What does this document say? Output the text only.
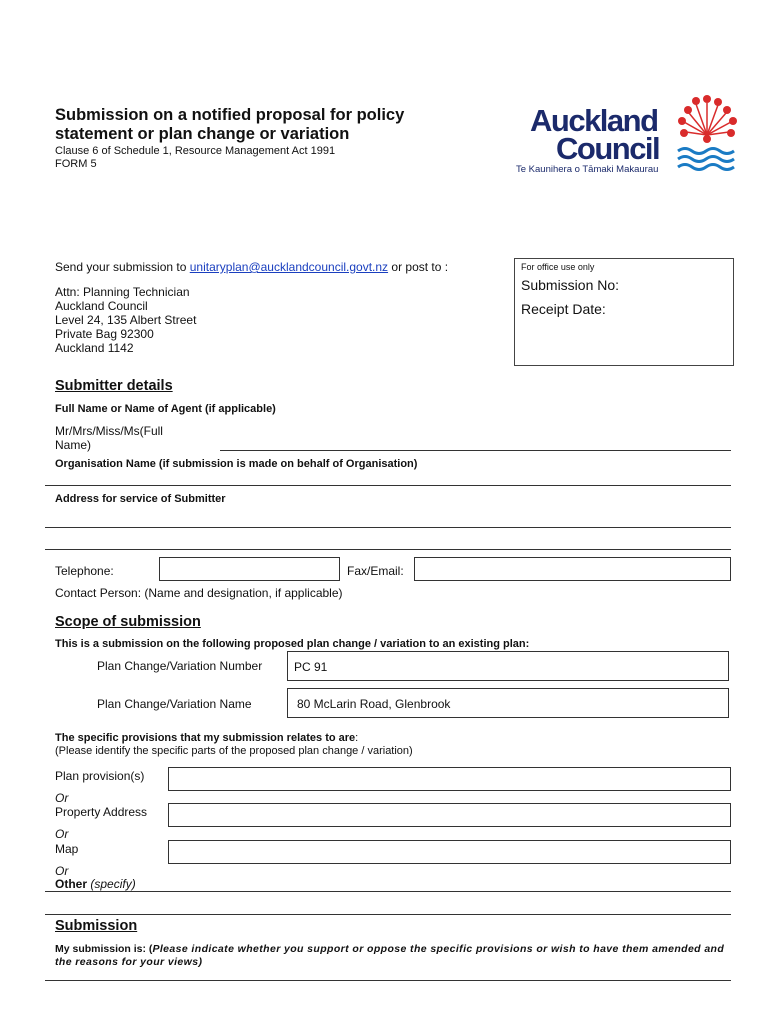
Submission on a notified proposal for policy
statement or plan change or variation
Clause 6 of Schedule 1, Resource Management Act 1991
FORM 5
Auckland
Council
Te Kaunihera o Tāmaki Makaurau
Send your submission to unitaryplan@aucklandcouncil.govt.nz or post to :
Attn: Planning Technician
Auckland Council
Level 24, 135 Albert Street
Private Bag 92300
Auckland 1142
For office use only
Submission No:
Receipt Date:
Submitter details
Full Name or Name of Agent (if applicable)
Mr/Mrs/Miss/Ms(Full
Name)
Organisation Name (if submission is made on behalf of Organisation)
Address for service of Submitter
Telephone:	Fax/Email:
Contact Person: (Name and designation, if applicable)
Scope of submission
This is a submission on the following proposed plan change / variation to an existing plan:
Plan Change/Variation Number	PC 91
Plan Change/Variation Name	80 McLarin Road, Glenbrook
The specific provisions that my submission relates to are:
(Please identify the specific parts of the proposed plan change / variation)
Plan provision(s)
Or
Property Address
Or
Map
Or
Other (specify)
Submission
My submission is: (Please indicate whether you support or oppose the specific provisions or wish to have them amended and the reasons for your views)
